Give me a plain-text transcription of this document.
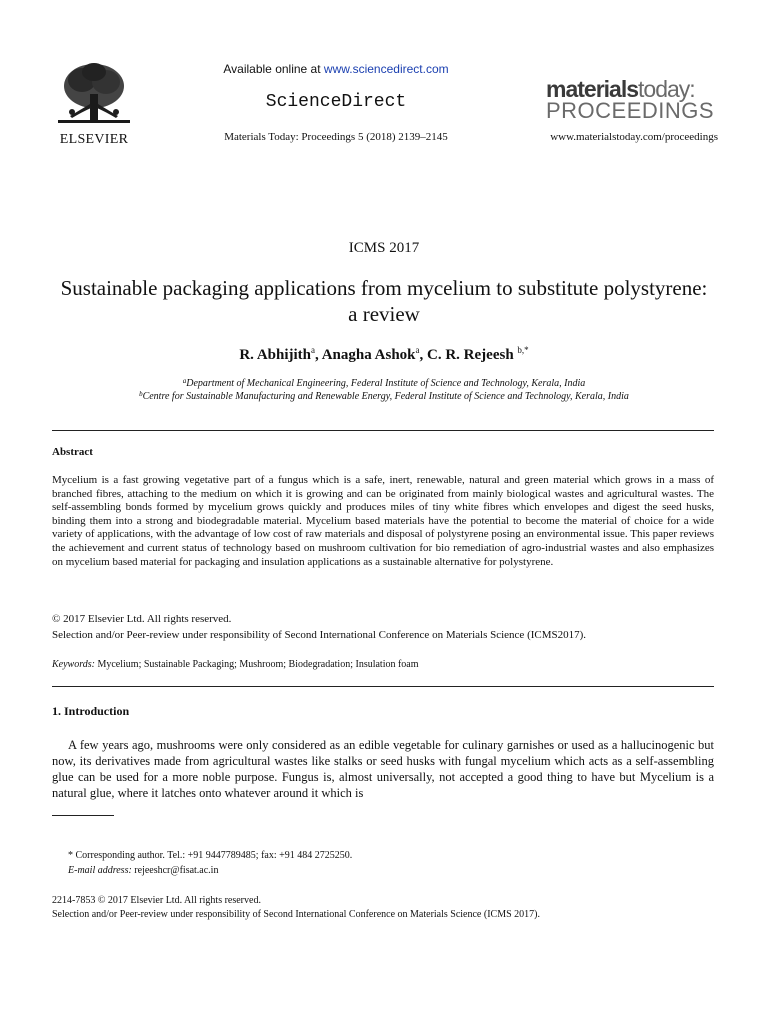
ELSEVIER
Available online at www.sciencedirect.com
ScienceDirect
Materials Today: Proceedings 5 (2018) 2139–2145
materialstoday:
PROCEEDINGS
www.materialstoday.com/proceedings
ICMS 2017
Sustainable packaging applications from mycelium to substitute polystyrene: a review
R. Abhijith$^a$, Anagha Ashok$^a$, C. R. Rejeesh $^{b,*}$
$^a$Department of Mechanical Engineering, Federal Institute of Science and Technology, Kerala, India
$^b$Centre for Sustainable Manufacturing and Renewable Energy, Federal Institute of Science and Technology, Kerala, India
Abstract
Mycelium is a fast growing vegetative part of a fungus which is a safe, inert, renewable, natural and green material which grows in a mass of branched fibres, attaching to the medium on which it is growing and can be originated from mainly biological wastes and agricultural wastes. The self-assembling bonds formed by mycelium grows quickly and produces miles of tiny white fibres which envelopes and digest the seed husks, binding them into a strong and biodegradable material. Mycelium based materials have the potential to become the material of choice for a wide variety of applications, with the advantage of low cost of raw materials and disposal of polystyrene posing an environmental issue. This paper reviews the achievement and current status of technology based on mushroom cultivation for bio remediation of agro-industrial wastes and also emphasizes on mycelium based material for packaging and insulation applications as a sustainable alternative for polystyrene.
© 2017 Elsevier Ltd. All rights reserved.
Selection and/or Peer-review under responsibility of Second International Conference on Materials Science (ICMS2017).
Keywords: Mycelium; Sustainable Packaging; Mushroom; Biodegradation; Insulation foam
1. Introduction
A few years ago, mushrooms were only considered as an edible vegetable for culinary garnishes or used as a hallucinogenic but now, its derivatives made from agricultural wastes like stalks or seed husks with fungal mycelium which acts as a self-assembling glue can be used for a more noble purpose. Fungus is, almost universally, not accepted a good thing to have but Mycelium is a natural glue, where it latches onto whatever around it which is
* Corresponding author. Tel.: +91 9447789485; fax: +91 484 2725250.
E-mail address: rejeeshcr@fisat.ac.in
2214-7853 © 2017 Elsevier Ltd. All rights reserved.
Selection and/or Peer-review under responsibility of Second International Conference on Materials Science (ICMS 2017).
